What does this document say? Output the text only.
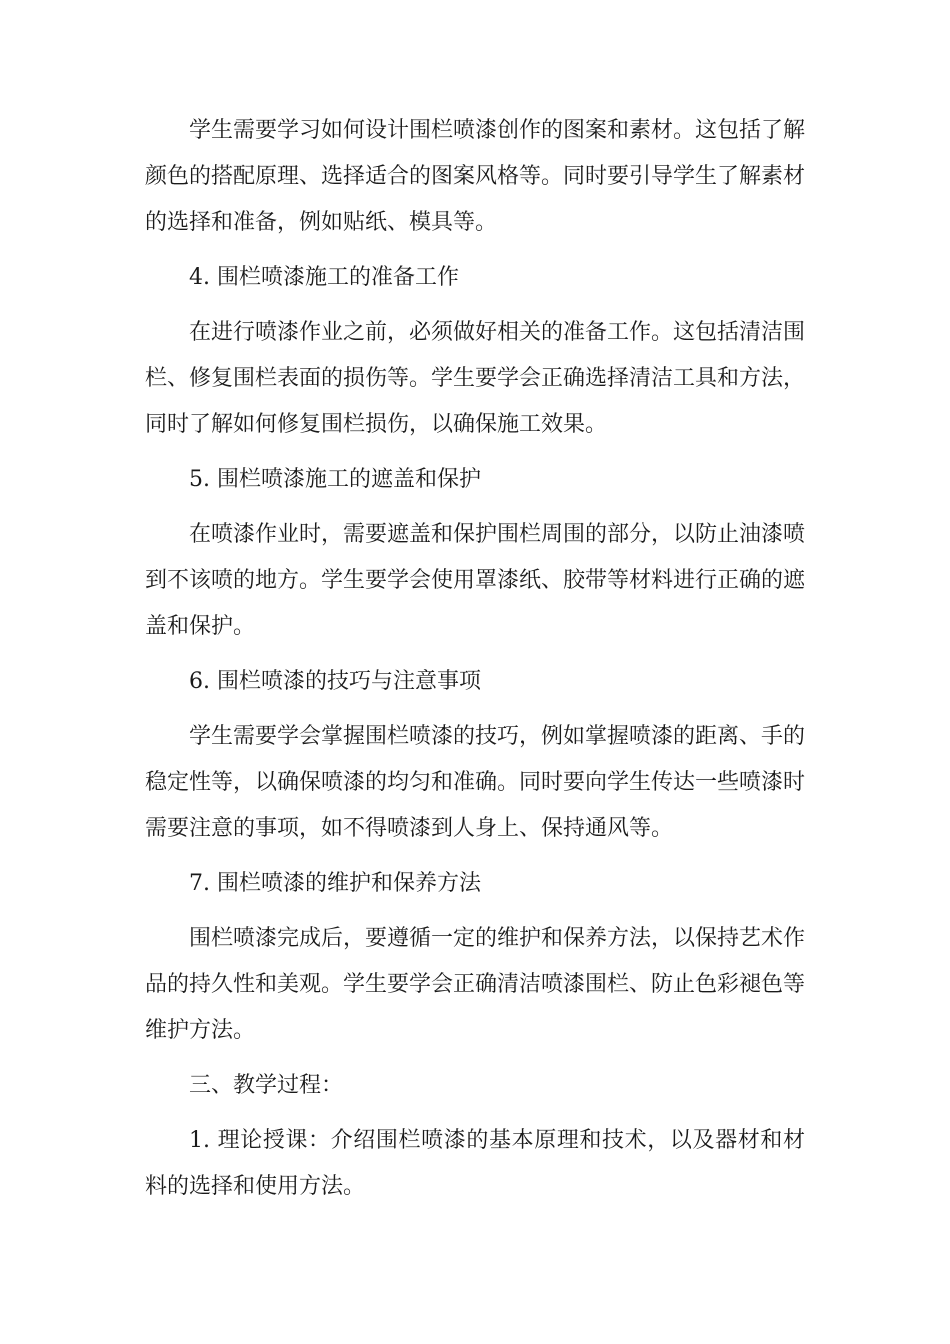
学生需要学习如何设计围栏喷漆创作的图案和素材。这包括了解颜色的搭配原理、选择适合的图案风格等。同时要引导学生了解素材的选择和准备，例如贴纸、模具等。

4. 围栏喷漆施工的准备工作

在进行喷漆作业之前，必须做好相关的准备工作。这包括清洁围栏、修复围栏表面的损伤等。学生要学会正确选择清洁工具和方法，同时了解如何修复围栏损伤，以确保施工效果。

5. 围栏喷漆施工的遮盖和保护

在喷漆作业时，需要遮盖和保护围栏周围的部分，以防止油漆喷到不该喷的地方。学生要学会使用罩漆纸、胶带等材料进行正确的遮盖和保护。

6. 围栏喷漆的技巧与注意事项

学生需要学会掌握围栏喷漆的技巧，例如掌握喷漆的距离、手的稳定性等，以确保喷漆的均匀和准确。同时要向学生传达一些喷漆时需要注意的事项，如不得喷漆到人身上、保持通风等。

7. 围栏喷漆的维护和保养方法

围栏喷漆完成后，要遵循一定的维护和保养方法，以保持艺术作品的持久性和美观。学生要学会正确清洁喷漆围栏、防止色彩褪色等维护方法。

三、教学过程：

1. 理论授课：介绍围栏喷漆的基本原理和技术，以及器材和材料的选择和使用方法。
